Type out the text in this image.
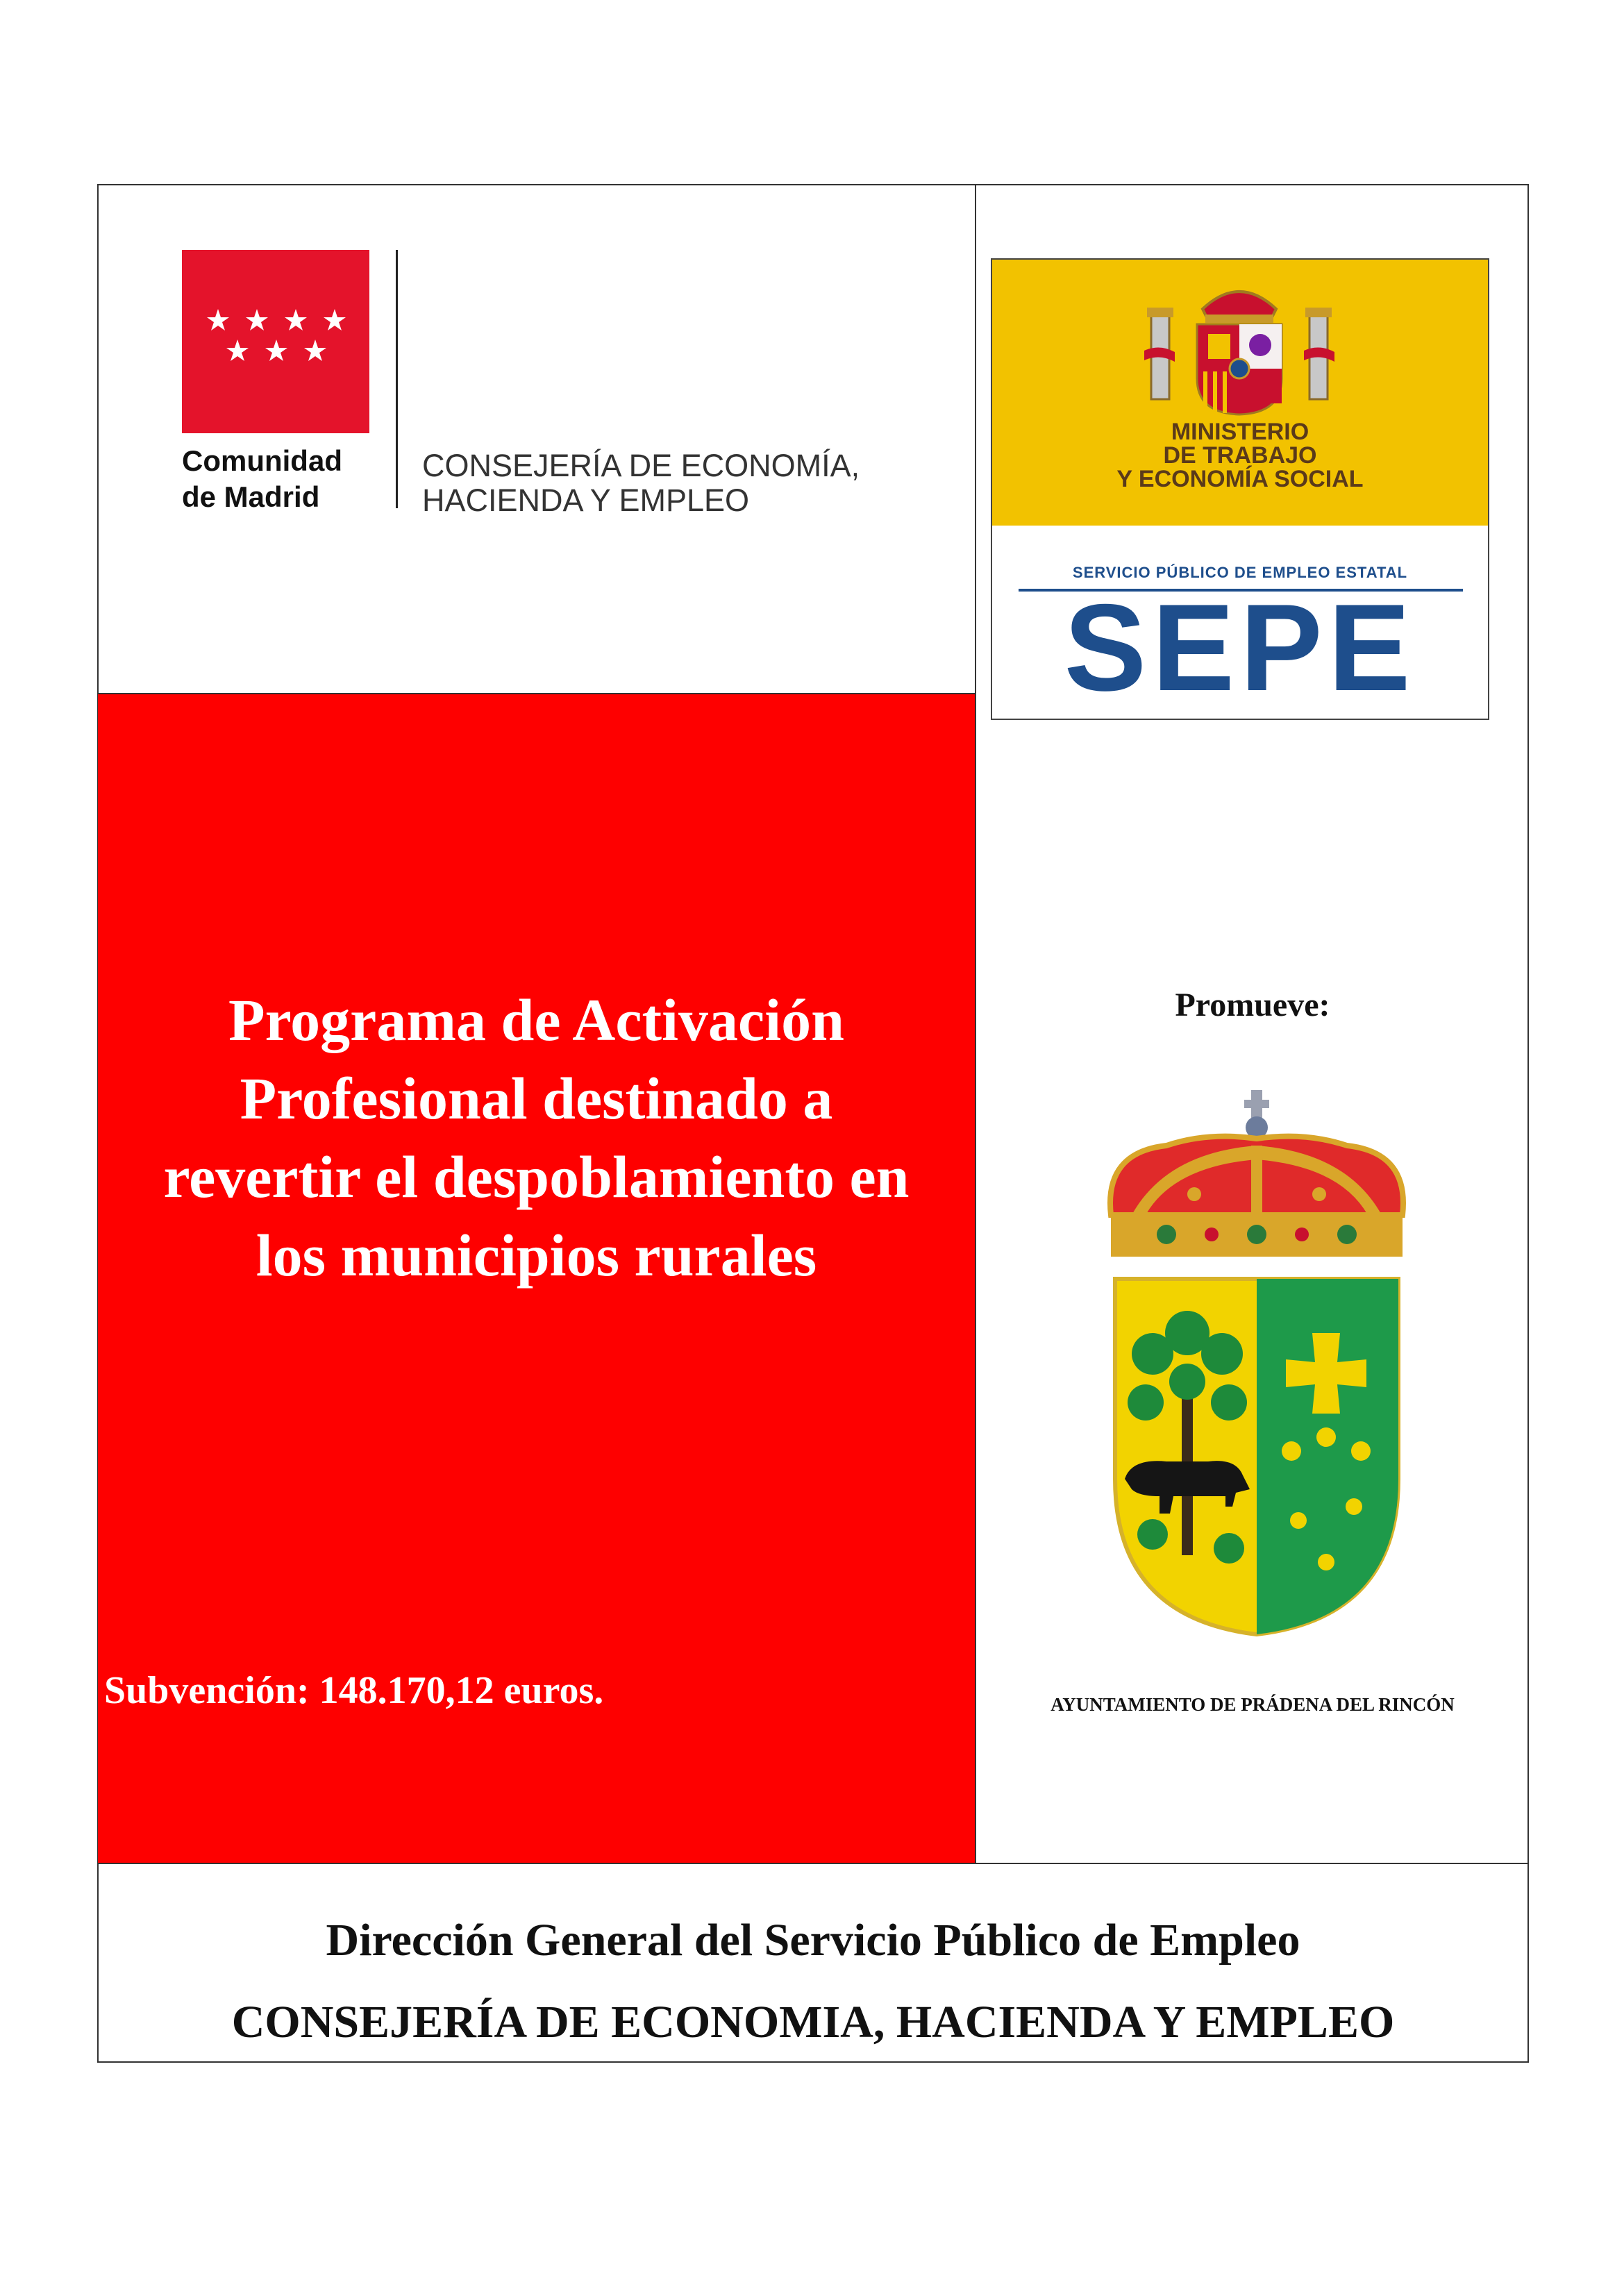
Comunidad
de Madrid
CONSEJERÍA DE ECONOMÍA,
HACIENDA Y EMPLEO
MINISTERIO
DE TRABAJO
Y ECONOMÍA SOCIAL
SERVICIO PÚBLICO DE EMPLEO ESTATAL
SEPE
Programa de Activación
Profesional destinado a
revertir el despoblamiento en
los municipios rurales
Subvención: 148.170,12 euros.
Promueve:
AYUNTAMIENTO DE PRÁDENA DEL RINCÓN
Dirección General del Servicio Público de Empleo
CONSEJERÍA DE ECONOMIA, HACIENDA Y EMPLEO
